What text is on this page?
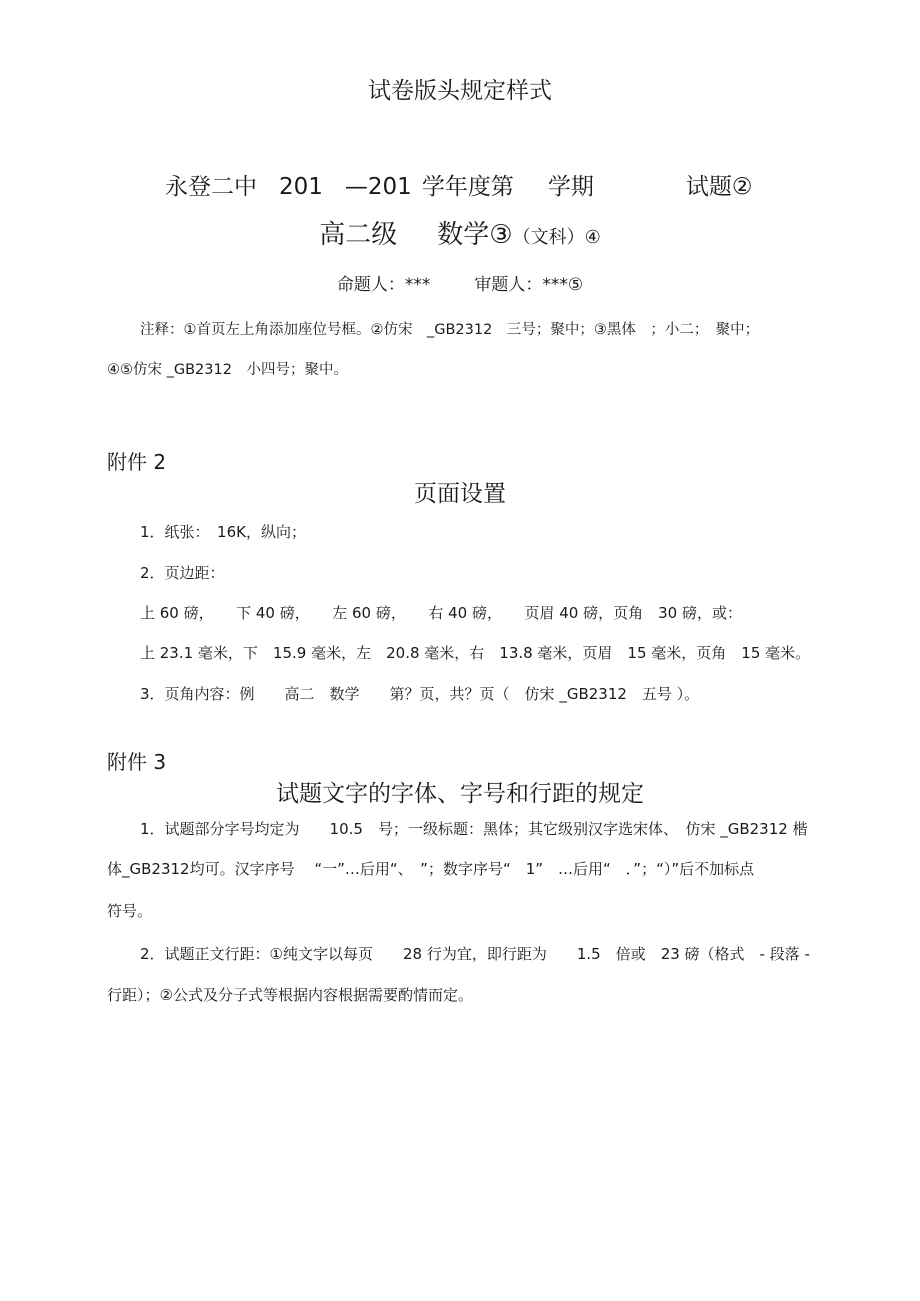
试卷版头规定样式
永登二中 201 —201 学年度第 学期	试题②
高二级 数学③（文科）④
命题人：***	审题人：***⑤
注释：①首页左上角添加座位号框。②仿宋　_GB2312　三号；聚中；③黑体　；小二；　聚中；
④⑤仿宋 _GB2312　小四号；聚中。
附件 2
页面设置
1．纸张：　16K，纵向；
2．页边距：
上 60 磅，　　下 40 磅，　　左 60 磅，　　右 40 磅，　　页眉 40 磅，页角　30 磅，或：
上 23.1 毫米，下　15.9 毫米，左　20.8 毫米，右　13.8 毫米，页眉　15 毫米，页角　15 毫米。
3．页角内容：例　　高二　数学　　第？页，共？页（　仿宋 _GB2312　五号 ）。
附件 3
试题文字的字体、字号和行距的规定
1．试题部分字号均定为　　10.5　号；一级标题：黑体；其它级别汉字选宋体、　仿宋 _GB2312 楷
体_GB2312均可。汉字序号　 “一”…后用“、　”；数字序号“　1”　…后用“　．”；“）”后不加标点
符号。
2．试题正文行距：①纯文字以每页　　28 行为宜，即行距为　　1.5　倍或　23 磅（格式　- 段落 -
行距）；②公式及分子式等根据内容根据需要酌情而定。
